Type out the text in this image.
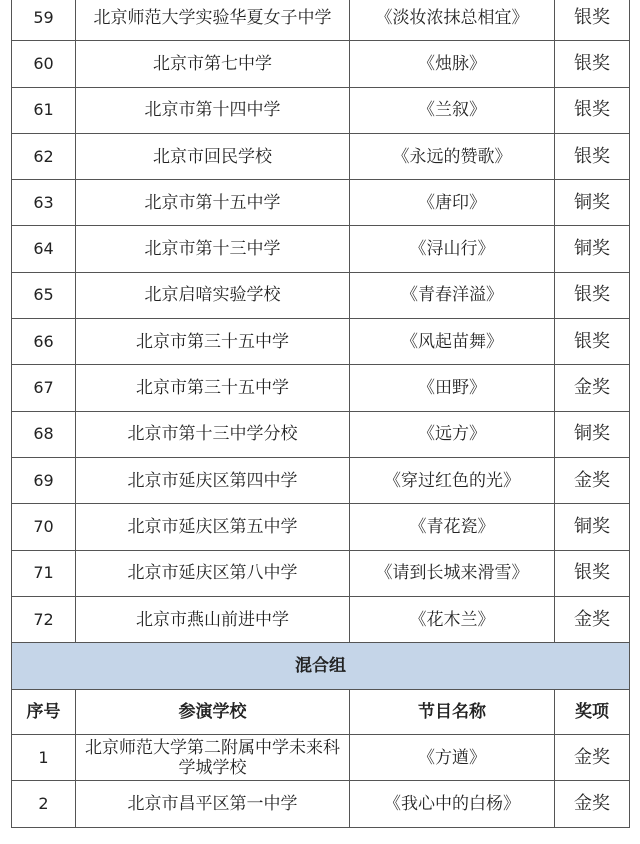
59	北京师范大学实验华夏女子中学	《淡妆浓抹总相宜》	银奖
60	北京市第七中学	《烛脉》	银奖
61	北京市第十四中学	《兰叙》	银奖
62	北京市回民学校	《永远的赞歌》	银奖
63	北京市第十五中学	《唐印》	铜奖
64	北京市第十三中学	《浔山行》	铜奖
65	北京启喑实验学校	《青春洋溢》	银奖
66	北京市第三十五中学	《风起苗舞》	银奖
67	北京市第三十五中学	《田野》	金奖
68	北京市第十三中学分校	《远方》	铜奖
69	北京市延庆区第四中学	《穿过红色的光》	金奖
70	北京市延庆区第五中学	《青花瓷》	铜奖
71	北京市延庆区第八中学	《请到长城来滑雪》	银奖
72	北京市燕山前进中学	《花木兰》	金奖
混合组			
序号	参演学校	节目名称	奖项
1	北京师范大学第二附属中学未来科学城学校	《方遒》	金奖
2	北京市昌平区第一中学	《我心中的白杨》	金奖
